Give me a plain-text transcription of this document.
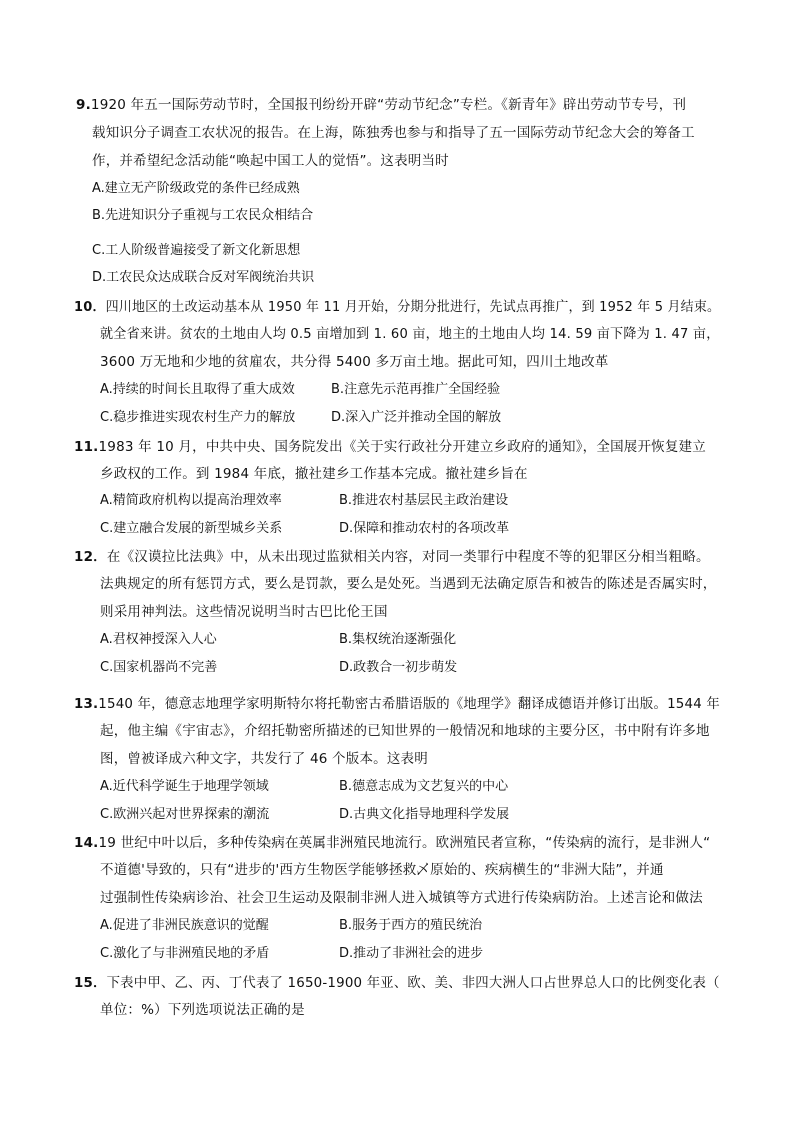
9.1920 年五一国际劳动节时，全国报刊纷纷开辟“劳动节纪念”专栏。《新青年》辟出劳动节专号，刊
载知识分子调查工农状况的报告。在上海，陈独秀也参与和指导了五一国际劳动节纪念大会的筹备工
作，并希望纪念活动能“唤起中国工人的觉悟”。这表明当时
A.建立无产阶级政党的条件已经成熟
B.先进知识分子重视与工农民众相结合
C.工人阶级普遍接受了新文化新思想
D.工农民众达成联合反对军阀统治共识
10．四川地区的土改运动基本从 1950 年 11 月开始，分期分批进行，先试点再推广，到 1952 年 5 月结束。
就全省来讲。贫农的土地由人均 0.5 亩增加到 1. 60 亩，地主的土地由人均 14. 59 亩下降为 1. 47 亩，
3600 万无地和少地的贫雇农，共分得 5400 多万亩土地。据此可知，四川土地改革
A.持续的时间长且取得了重大成效	B.注意先示范再推广全国经验
C.稳步推进实现农村生产力的解放	D.深入广泛并推动全国的解放
11.1983 年 10 月，中共中央、国务院发出《关于实行政社分开建立乡政府的通知》，全国展开恢复建立
乡政权的工作。到 1984 年底，撤社建乡工作基本完成。撤社建乡旨在
A.精简政府机构以提高治理效率	B.推进农村基层民主政治建设
C.建立融合发展的新型城乡关系	D.保障和推动农村的各项改革
12．在《汉谟拉比法典》中，从未出现过监狱相关内容，对同一类罪行中程度不等的犯罪区分相当粗略。
法典规定的所有惩罚方式，要么是罚款，要么是处死。当遇到无法确定原告和被告的陈述是否属实时，
则采用神判法。这些情况说明当时古巴比伦王国
A.君权神授深入人心	B.集权统治逐渐强化
C.国家机器尚不完善	D.政教合一初步萌发
13.1540 年，德意志地理学家明斯特尔将托勒密古希腊语版的《地理学》翻译成德语并修订出版。1544 年
起，他主编《宇宙志》，介绍托勒密所描述的已知世界的一般情况和地球的主要分区，书中附有许多地
图，曾被译成六种文字，共发行了 46 个版本。这表明
A.近代科学诞生于地理学领域	B.德意志成为文艺复兴的中心
C.欧洲兴起对世界探索的潮流	D.古典文化指导地理科学发展
14.19 世纪中叶以后，多种传染病在英属非洲殖民地流行。欧洲殖民者宣称，“传染病的流行，是非洲人“
不道德'导致的，只有“进步的'西方生物医学能够拯救乄原始的、疾病横生的“非洲大陆”，并通
过强制性传染病诊治、社会卫生运动及限制非洲人进入城镇等方式进行传染病防治。上述言论和做法
A.促进了非洲民族意识的觉醒	B.服务于西方的殖民统治
C.激化了与非洲殖民地的矛盾	D.推动了非洲社会的进步
15．下表中甲、乙、丙、丁代表了 1650-1900 年亚、欧、美、非四大洲人口占世界总人口的比例变化表（
单位：%）下列选项说法正确的是
